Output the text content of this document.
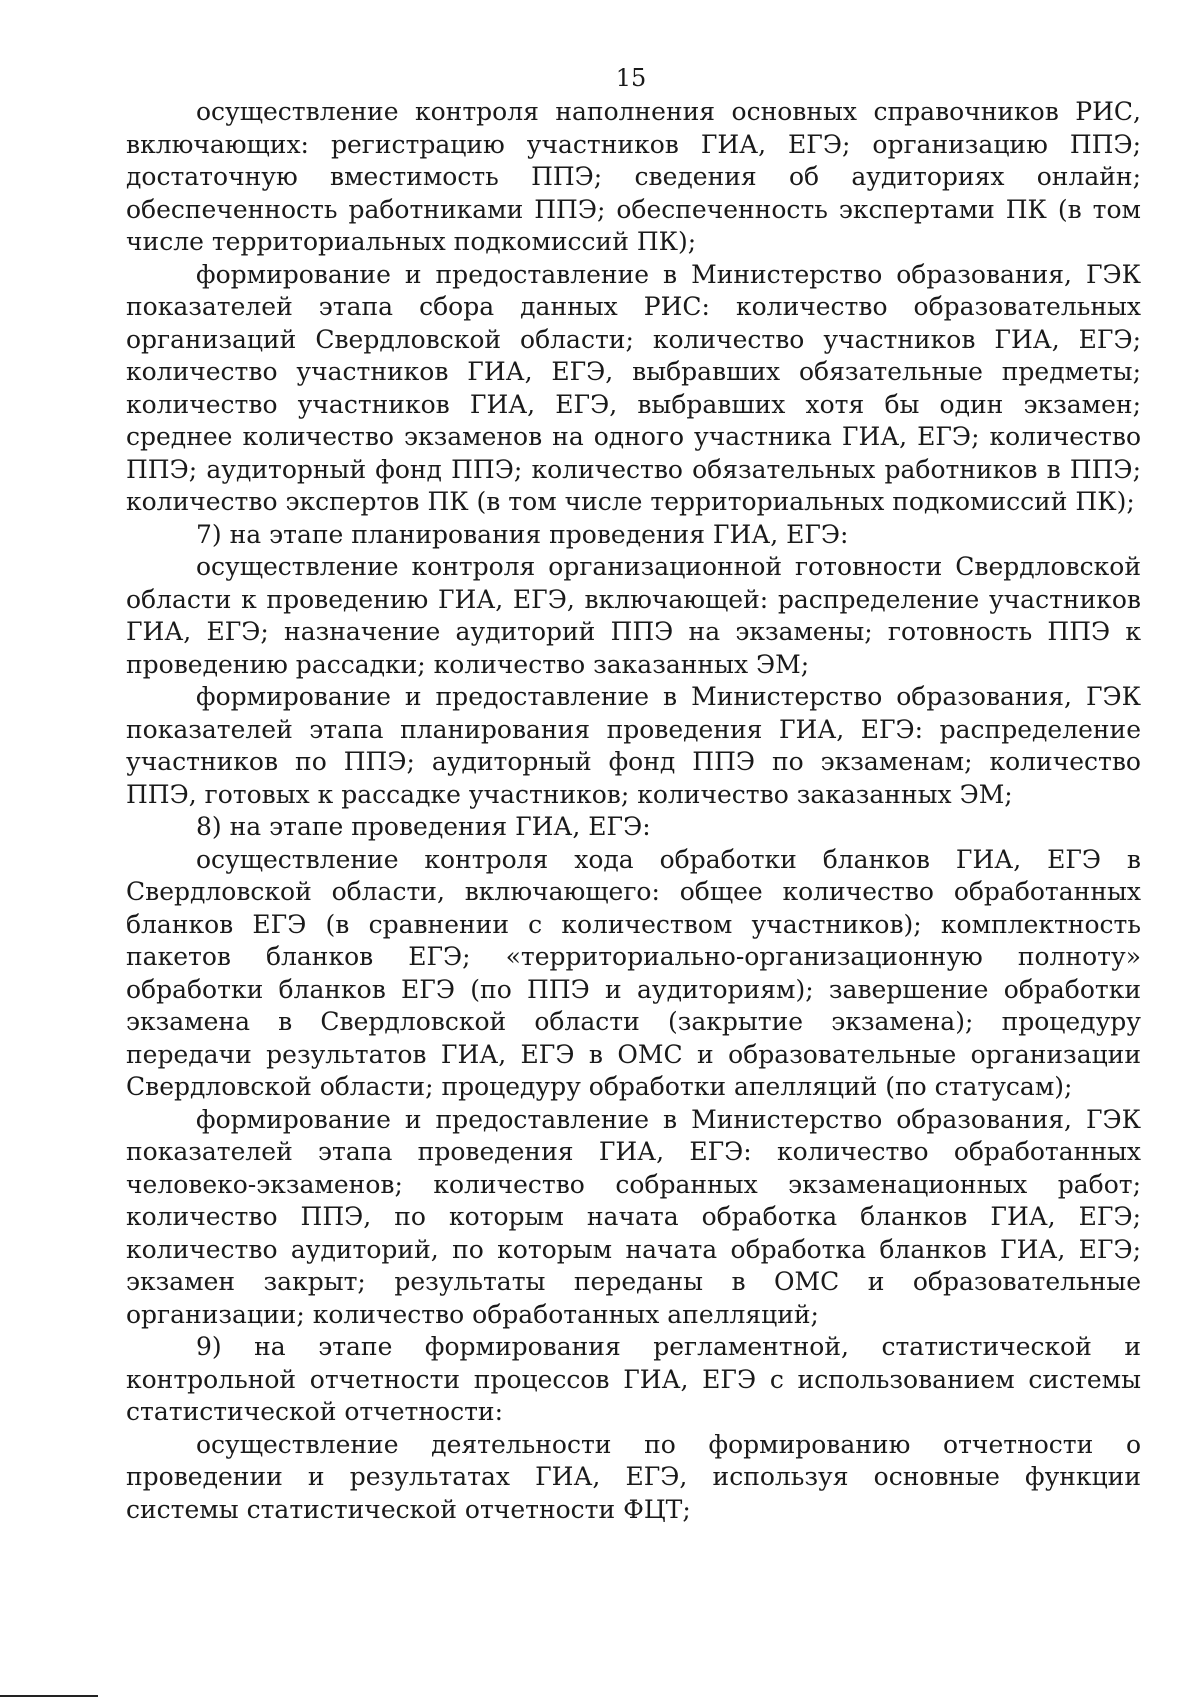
15

осуществление контроля наполнения основных справочников РИС, включающих: регистрацию участников ГИА, ЕГЭ; организацию ППЭ; достаточную вместимость ППЭ; сведения об аудиториях онлайн; обеспеченность работниками ППЭ; обеспеченность экспертами ПК (в том числе территориальных подкомиссий ПК);

формирование и предоставление в Министерство образования, ГЭК показателей этапа сбора данных РИС: количество образовательных организаций Свердловской области; количество участников ГИА, ЕГЭ; количество участников ГИА, ЕГЭ, выбравших обязательные предметы; количество участников ГИА, ЕГЭ, выбравших хотя бы один экзамен; среднее количество экзаменов на одного участника ГИА, ЕГЭ; количество ППЭ; аудиторный фонд ППЭ; количество обязательных работников в ППЭ; количество экспертов ПК (в том числе территориальных подкомиссий ПК);

7) на этапе планирования проведения ГИА, ЕГЭ:

осуществление контроля организационной готовности Свердловской области к проведению ГИА, ЕГЭ, включающей: распределение участников ГИА, ЕГЭ; назначение аудиторий ППЭ на экзамены; готовность ППЭ к проведению рассадки; количество заказанных ЭМ;

формирование и предоставление в Министерство образования, ГЭК показателей этапа планирования проведения ГИА, ЕГЭ: распределение участников по ППЭ; аудиторный фонд ППЭ по экзаменам; количество ППЭ, готовых к рассадке участников; количество заказанных ЭМ;

8) на этапе проведения ГИА, ЕГЭ:

осуществление контроля хода обработки бланков ГИА, ЕГЭ в Свердловской области, включающего: общее количество обработанных бланков ЕГЭ (в сравнении с количеством участников); комплектность пакетов бланков ЕГЭ; «территориально-организационную полноту» обработки бланков ЕГЭ (по ППЭ и аудиториям); завершение обработки экзамена в Свердловской области (закрытие экзамена); процедуру передачи результатов ГИА, ЕГЭ в ОМС и образовательные организации Свердловской области; процедуру обработки апелляций (по статусам);

формирование и предоставление в Министерство образования, ГЭК показателей этапа проведения ГИА, ЕГЭ: количество обработанных человеко-экзаменов; количество собранных экзаменационных работ; количество ППЭ, по которым начата обработка бланков ГИА, ЕГЭ; количество аудиторий, по которым начата обработка бланков ГИА, ЕГЭ; экзамен закрыт; результаты переданы в ОМС и образовательные организации; количество обработанных апелляций;

9) на этапе формирования регламентной, статистической и контрольной отчетности процессов ГИА, ЕГЭ с использованием системы статистической отчетности:

осуществление деятельности по формированию отчетности о проведении и результатах ГИА, ЕГЭ, используя основные функции системы статистической отчетности ФЦТ;
